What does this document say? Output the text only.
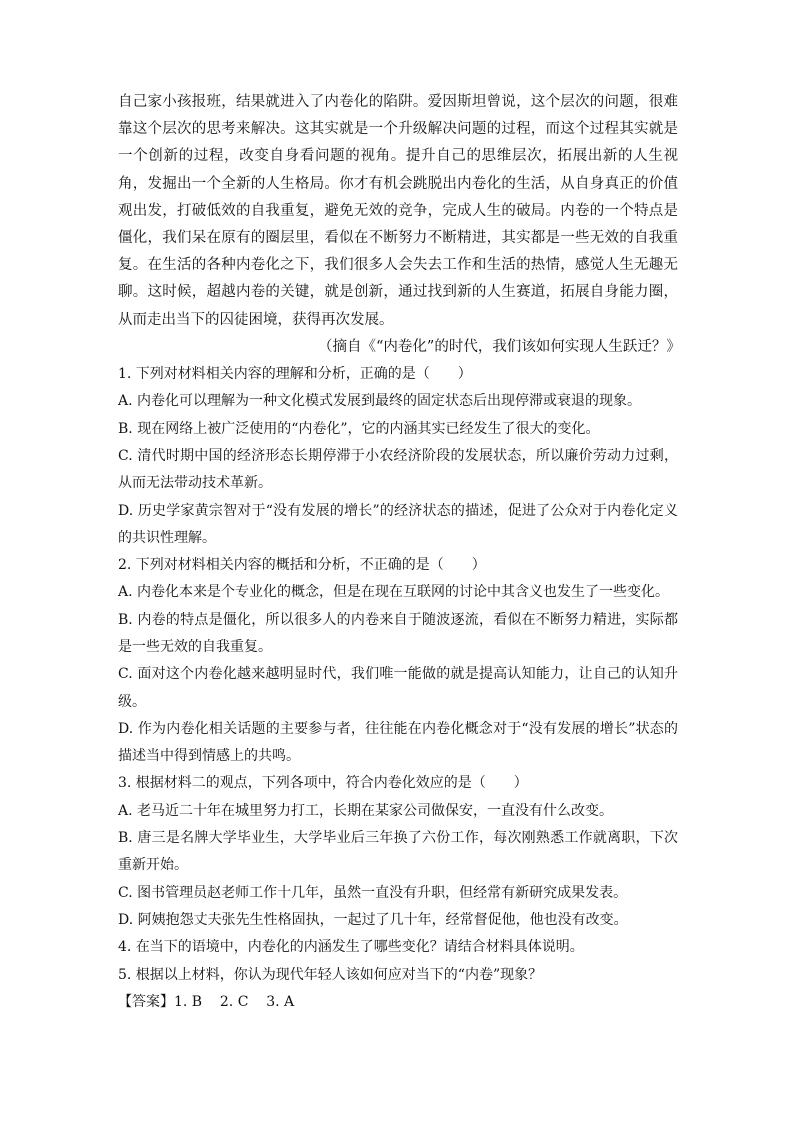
自己家小孩报班，结果就进入了内卷化的陷阱。爱因斯坦曾说，这个层次的问题，很难靠这个层次的思考来解决。这其实就是一个升级解决问题的过程，而这个过程其实就是一个创新的过程，改变自身看问题的视角。提升自己的思维层次，拓展出新的人生视角，发掘出一个全新的人生格局。你才有机会跳脱出内卷化的生活，从自身真正的价值观出发，打破低效的自我重复，避免无效的竞争，完成人生的破局。内卷的一个特点是僵化，我们呆在原有的圈层里，看似在不断努力不断精进，其实都是一些无效的自我重复。在生活的各种内卷化之下，我们很多人会失去工作和生活的热情，感觉人生无趣无聊。这时候，超越内卷的关键，就是创新，通过找到新的人生赛道，拓展自身能力圈，从而走出当下的囚徒困境，获得再次发展。

（摘自《“内卷化”的时代，我们该如何实现人生跃迁？》

1. 下列对材料相关内容的理解和分析，正确的是（　　）

A. 内卷化可以理解为一种文化模式发展到最终的固定状态后出现停滞或衰退的现象。

B. 现在网络上被广泛使用的“内卷化”，它的内涵其实已经发生了很大的变化。

C. 清代时期中国的经济形态长期停滞于小农经济阶段的发展状态，所以廉价劳动力过剩，从而无法带动技术革新。

D. 历史学家黄宗智对于“没有发展的增长”的经济状态的描述，促进了公众对于内卷化定义的共识性理解。

2. 下列对材料相关内容的概括和分析，不正确的是（　　）

A. 内卷化本来是个专业化的概念，但是在现在互联网的讨论中其含义也发生了一些变化。

B. 内卷的特点是僵化，所以很多人的内卷来自于随波逐流，看似在不断努力精进，实际都是一些无效的自我重复。

C. 面对这个内卷化越来越明显时代，我们唯一能做的就是提高认知能力，让自己的认知升级。

D. 作为内卷化相关话题的主要参与者，往往能在内卷化概念对于“没有发展的增长”状态的描述当中得到情感上的共鸣。

3. 根据材料二的观点，下列各项中，符合内卷化效应的是（　　）

A. 老马近二十年在城里努力打工，长期在某家公司做保安，一直没有什么改变。

B. 唐三是名牌大学毕业生，大学毕业后三年换了六份工作，每次刚熟悉工作就离职，下次重新开始。

C. 图书管理员赵老师工作十几年，虽然一直没有升职，但经常有新研究成果发表。

D. 阿姨抱怨丈夫张先生性格固执，一起过了几十年，经常督促他，他也没有改变。

4. 在当下的语境中，内卷化的内涵发生了哪些变化？请结合材料具体说明。

5. 根据以上材料，你认为现代年轻人该如何应对当下的“内卷”现象？

【答案】1. B    2. C    3. A
